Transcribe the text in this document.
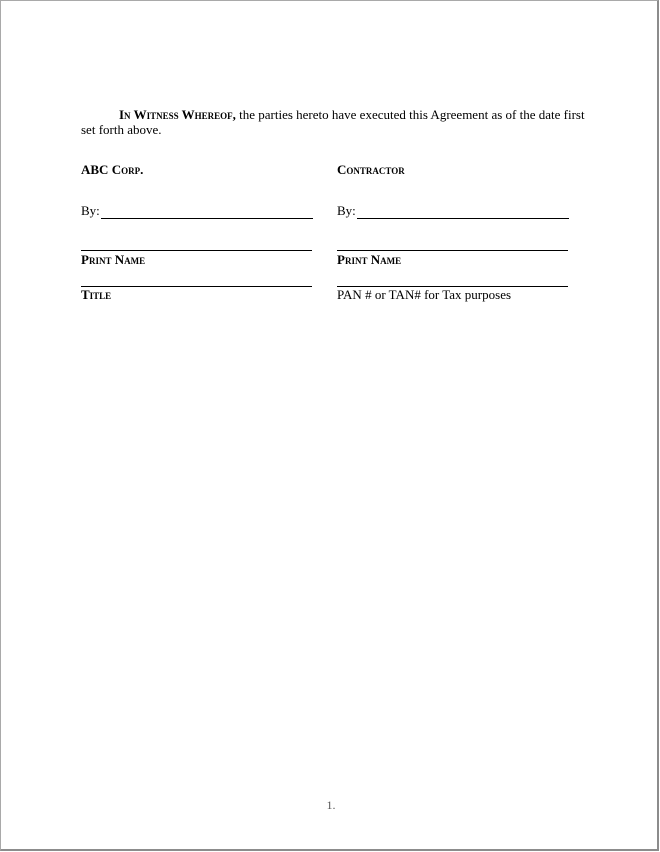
In Witness Whereof, the parties hereto have executed this Agreement as of the date first set forth above.
ABC Corp.
By:
Print Name
Title
Contractor
By:
Print Name
PAN # or TAN# for Tax purposes
1.
